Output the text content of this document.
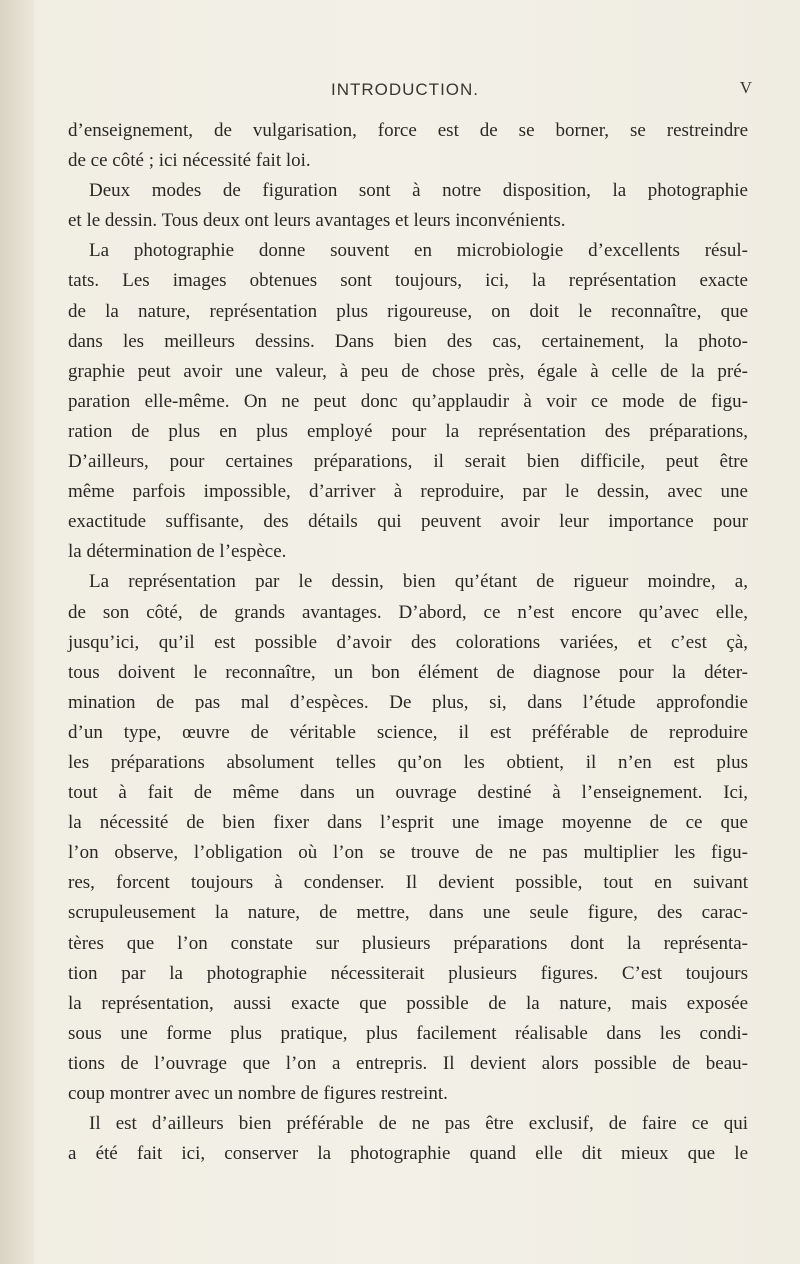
INTRODUCTION.	V
d’enseignement, de vulgarisation, force est de se borner, se restreindre
de ce côté ; ici nécessité fait loi.
Deux modes de figuration sont à notre disposition, la photographie
et le dessin. Tous deux ont leurs avantages et leurs inconvénients.
La photographie donne souvent en microbiologie d’excellents résul-
tats. Les images obtenues sont toujours, ici, la représentation exacte
de la nature, représentation plus rigoureuse, on doit le reconnaître, que
dans les meilleurs dessins. Dans bien des cas, certainement, la photo-
graphie peut avoir une valeur, à peu de chose près, égale à celle de la pré-
paration elle-même. On ne peut donc qu’applaudir à voir ce mode de figu-
ration de plus en plus employé pour la représentation des préparations,
D’ailleurs, pour certaines préparations, il serait bien difficile, peut être
même parfois impossible, d’arriver à reproduire, par le dessin, avec une
exactitude suffisante, des détails qui peuvent avoir leur importance pour
la détermination de l’espèce.
La représentation par le dessin, bien qu’étant de rigueur moindre, a,
de son côté, de grands avantages. D’abord, ce n’est encore qu’avec elle,
jusqu’ici, qu’il est possible d’avoir des colorations variées, et c’est çà,
tous doivent le reconnaître, un bon élément de diagnose pour la déter-
mination de pas mal d’espèces. De plus, si, dans l’étude approfondie
d’un type, œuvre de véritable science, il est préférable de reproduire
les préparations absolument telles qu’on les obtient, il n’en est plus
tout à fait de même dans un ouvrage destiné à l’enseignement. Ici,
la nécessité de bien fixer dans l’esprit une image moyenne de ce que
l’on observe, l’obligation où l’on se trouve de ne pas multiplier les figu-
res, forcent toujours à condenser. Il devient possible, tout en suivant
scrupuleusement la nature, de mettre, dans une seule figure, des carac-
tères que l’on constate sur plusieurs préparations dont la représenta-
tion par la photographie nécessiterait plusieurs figures. C’est toujours
la représentation, aussi exacte que possible de la nature, mais exposée
sous une forme plus pratique, plus facilement réalisable dans les condi-
tions de l’ouvrage que l’on a entrepris. Il devient alors possible de beau-
coup montrer avec un nombre de figures restreint.
Il est d’ailleurs bien préférable de ne pas être exclusif, de faire ce qui
a été fait ici, conserver la photographie quand elle dit mieux que le
